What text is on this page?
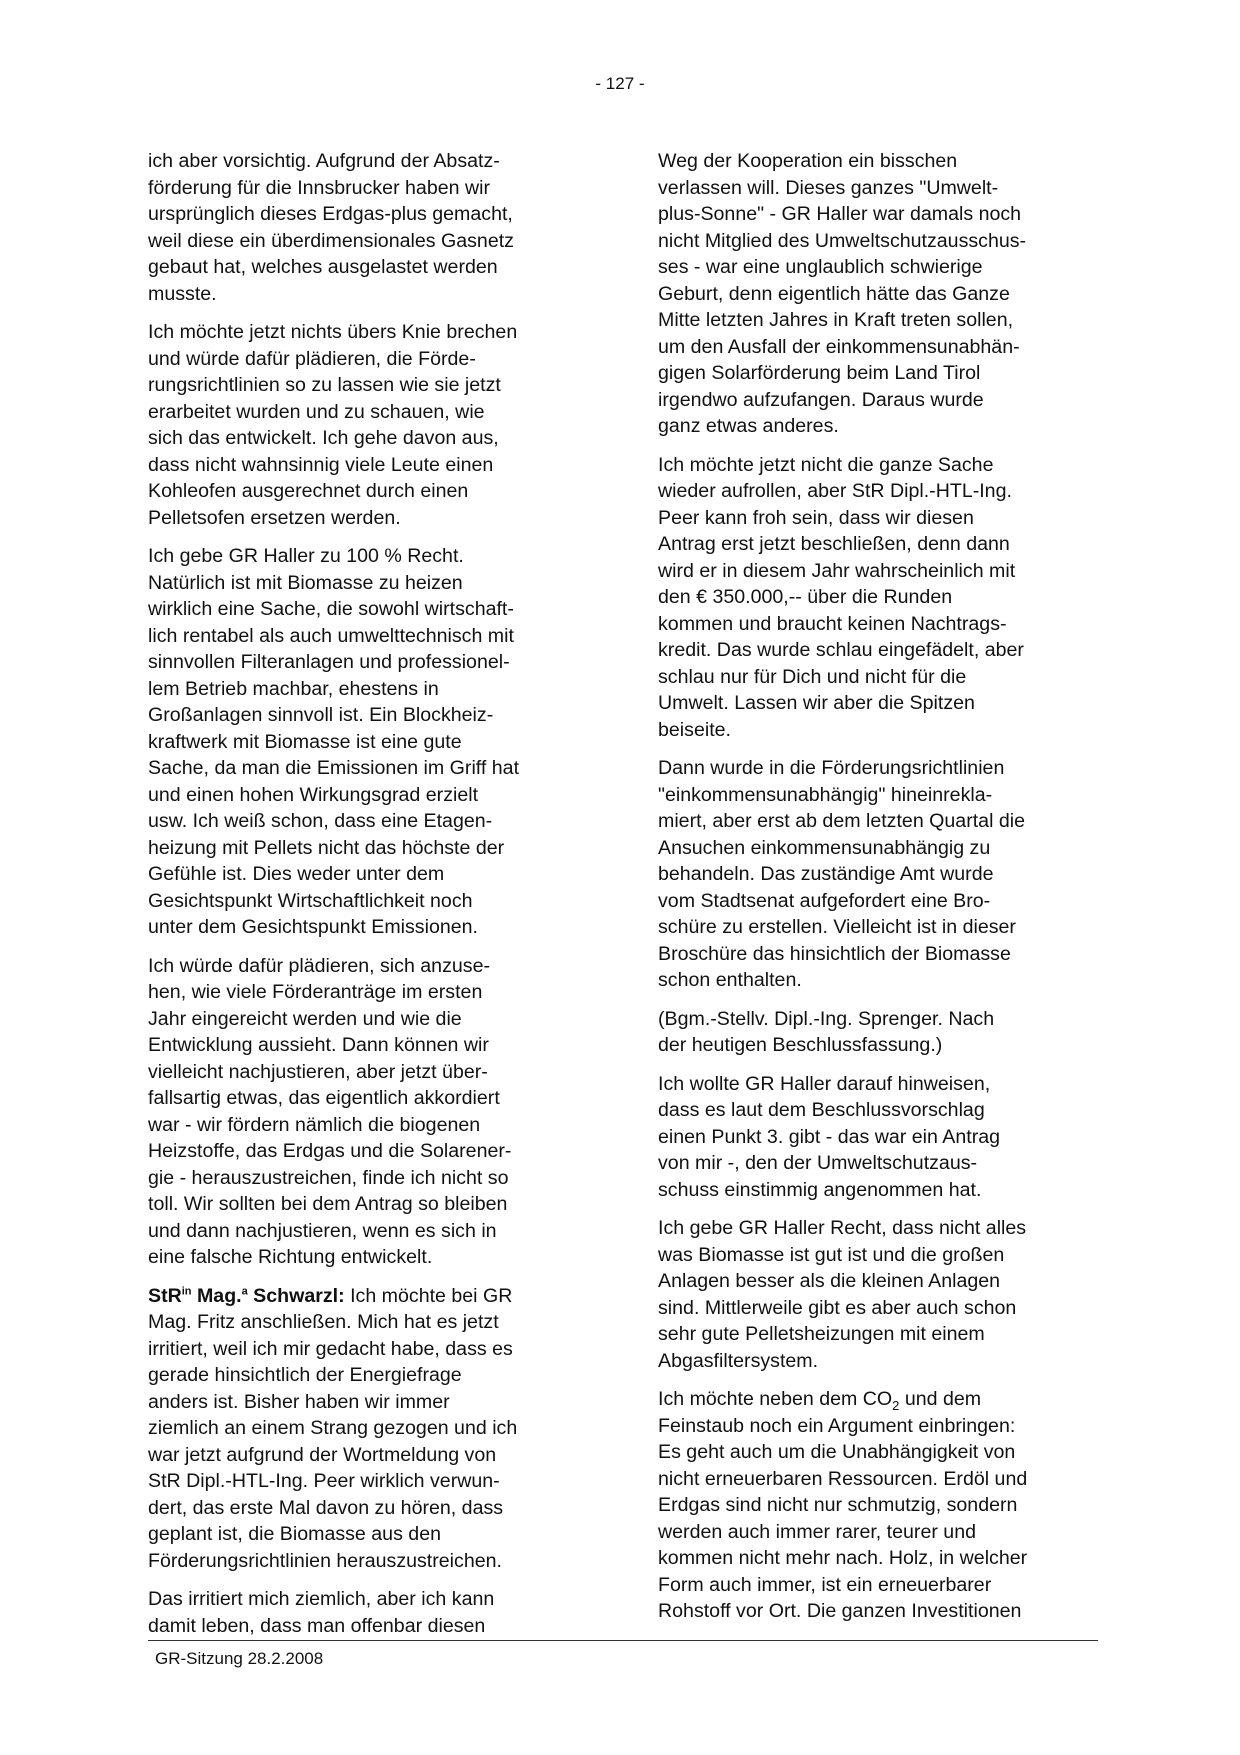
- 127 -

ich aber vorsichtig. Aufgrund der Absatz-
förderung für die Innsbrucker haben wir
ursprünglich dieses Erdgas-plus gemacht,
weil diese ein überdimensionales Gasnetz
gebaut hat, welches ausgelastet werden
musste.

Ich möchte jetzt nichts übers Knie brechen
und würde dafür plädieren, die Förde-
rungsrichtlinien so zu lassen wie sie jetzt
erarbeitet wurden und zu schauen, wie
sich das entwickelt. Ich gehe davon aus,
dass nicht wahnsinnig viele Leute einen
Kohleofen ausgerechnet durch einen
Pelletsofen ersetzen werden.

Ich gebe GR Haller zu 100 % Recht.
Natürlich ist mit Biomasse zu heizen
wirklich eine Sache, die sowohl wirtschaft-
lich rentabel als auch umwelttechnisch mit
sinnvollen Filteranlagen und professionel-
lem Betrieb machbar, ehestens in
Großanlagen sinnvoll ist. Ein Blockheiz-
kraftwerk mit Biomasse ist eine gute
Sache, da man die Emissionen im Griff hat
und einen hohen Wirkungsgrad erzielt
usw. Ich weiß schon, dass eine Etagen-
heizung mit Pellets nicht das höchste der
Gefühle ist. Dies weder unter dem
Gesichtspunkt Wirtschaftlichkeit noch
unter dem Gesichtspunkt Emissionen.

Ich würde dafür plädieren, sich anzuse-
hen, wie viele Förderanträge im ersten
Jahr eingereicht werden und wie die
Entwicklung aussieht. Dann können wir
vielleicht nachjustieren, aber jetzt über-
fallsartig etwas, das eigentlich akkordiert
war - wir fördern nämlich die biogenen
Heizstoffe, das Erdgas und die Solarener-
gie - herauszustreichen, finde ich nicht so
toll. Wir sollten bei dem Antrag so bleiben
und dann nachjustieren, wenn es sich in
eine falsche Richtung entwickelt.

StR$^{in}$ Mag.$^a$ Schwarzl: Ich möchte bei GR
Mag. Fritz anschließen. Mich hat es jetzt
irritiert, weil ich mir gedacht habe, dass es
gerade hinsichtlich der Energiefrage
anders ist. Bisher haben wir immer
ziemlich an einem Strang gezogen und ich
war jetzt aufgrund der Wortmeldung von
StR Dipl.-HTL-Ing. Peer wirklich verwun-
dert, das erste Mal davon zu hören, dass
geplant ist, die Biomasse aus den
Förderungsrichtlinien herauszustreichen.

Das irritiert mich ziemlich, aber ich kann
damit leben, dass man offenbar diesen

Weg der Kooperation ein bisschen
verlassen will. Dieses ganzes "Umwelt-
plus-Sonne" - GR Haller war damals noch
nicht Mitglied des Umweltschutzausschus-
ses - war eine unglaublich schwierige
Geburt, denn eigentlich hätte das Ganze
Mitte letzten Jahres in Kraft treten sollen,
um den Ausfall der einkommensunabhän-
gigen Solarförderung beim Land Tirol
irgendwo aufzufangen. Daraus wurde
ganz etwas anderes.

Ich möchte jetzt nicht die ganze Sache
wieder aufrollen, aber StR Dipl.-HTL-Ing.
Peer kann froh sein, dass wir diesen
Antrag erst jetzt beschließen, denn dann
wird er in diesem Jahr wahrscheinlich mit
den € 350.000,-- über die Runden
kommen und braucht keinen Nachtrags-
kredit. Das wurde schlau eingefädelt, aber
schlau nur für Dich und nicht für die
Umwelt. Lassen wir aber die Spitzen
beiseite.

Dann wurde in die Förderungsrichtlinien
"einkommensunabhängig" hineinrekla-
miert, aber erst ab dem letzten Quartal die
Ansuchen einkommensunabhängig zu
behandeln. Das zuständige Amt wurde
vom Stadtsenat aufgefordert eine Bro-
schüre zu erstellen. Vielleicht ist in dieser
Broschüre das hinsichtlich der Biomasse
schon enthalten.

(Bgm.-Stellv. Dipl.-Ing. Sprenger. Nach
der heutigen Beschlussfassung.)

Ich wollte GR Haller darauf hinweisen,
dass es laut dem Beschlussvorschlag
einen Punkt 3. gibt - das war ein Antrag
von mir -, den der Umweltschutzaus-
schuss einstimmig angenommen hat.

Ich gebe GR Haller Recht, dass nicht alles
was Biomasse ist gut ist und die großen
Anlagen besser als die kleinen Anlagen
sind. Mittlerweile gibt es aber auch schon
sehr gute Pelletsheizungen mit einem
Abgasfiltersystem.

Ich möchte neben dem $CO_2$ und dem
Feinstaub noch ein Argument einbringen:
Es geht auch um die Unabhängigkeit von
nicht erneuerbaren Ressourcen. Erdöl und
Erdgas sind nicht nur schmutzig, sondern
werden auch immer rarer, teurer und
kommen nicht mehr nach. Holz, in welcher
Form auch immer, ist ein erneuerbarer
Rohstoff vor Ort. Die ganzen Investitionen

GR-Sitzung 28.2.2008
